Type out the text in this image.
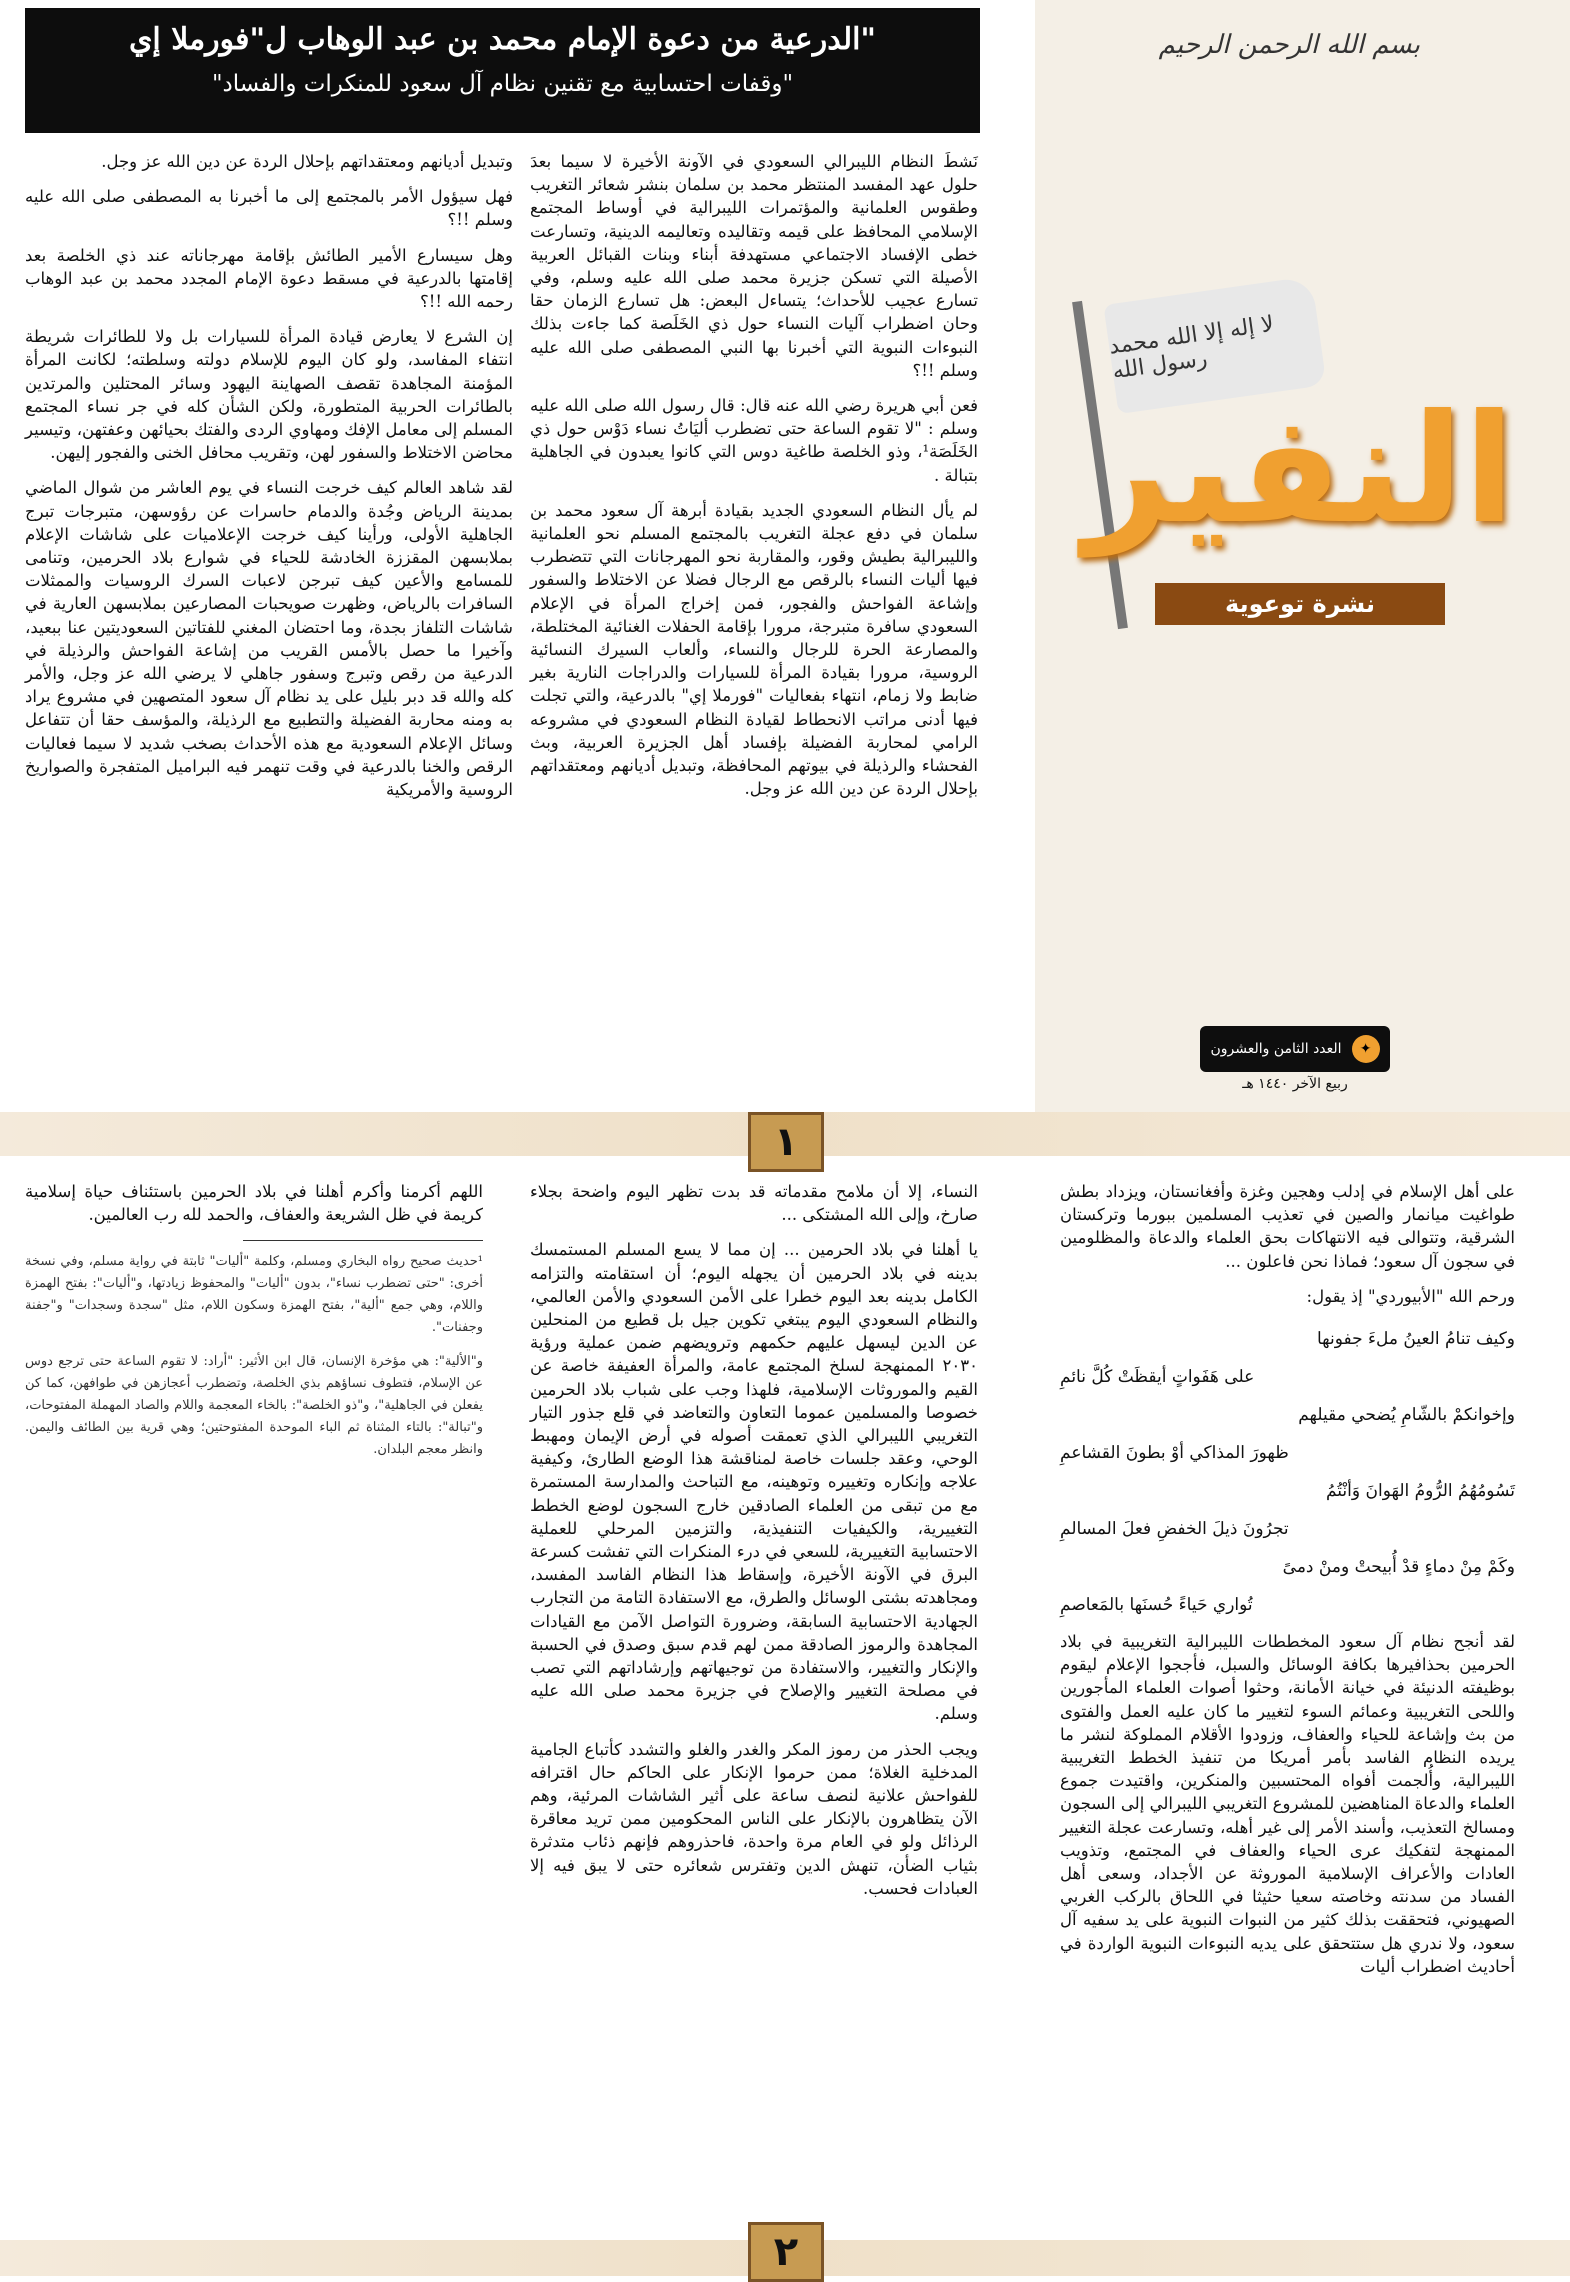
بسم الله الرحمن الرحيم
لا إله إلا الله محمد رسول الله
النفير
نشرة توعوية
العدد الثامن والعشرون	✦
ربيع الآخر ١٤٤٠ هـ
الدرعية من دعوة الإمام محمد بن عبد الوهاب ل"فورملا إي"
"وقفات احتسابية مع تقنين نظام آل سعود للمنكرات والفساد"

نَشطَ النظام الليبرالي السعودي في الآونة الأخيرة لا سيما بعدَ حلول عهد المفسد المنتظر محمد بن سلمان بنشر شعائر التغريب وطقوس العلمانية والمؤتمرات الليبرالية في أوساط المجتمع الإسلامي المحافظ على قيمه وتقاليده وتعاليمه الدينية، وتسارعت خطى الإفساد الاجتماعي مستهدفة أبناء وبنات القبائل العربية الأصيلة التي تسكن جزيرة محمد صلى الله عليه وسلم، وفي تسارع عجيب للأحداث؛ يتساءل البعض: هل تسارع الزمان حقا وحان اضطراب آليات النساء حول ذي الخَلَصة كما جاءت بذلك النبوءات النبوية التي أخبرنا بها النبي المصطفى صلى الله عليه وسلم !!؟

فعن أبي هريرة رضي الله عنه قال: قال رسول الله صلى الله عليه وسلم : "لا تقوم الساعة حتى تضطرب أليَاتُ نساء دَوْس حول ذي الخَلَصَة¹، وذو الخلصة طاغية دوس التي كانوا يعبدون في الجاهلية بتبالة .

لم يأل النظام السعودي الجديد بقيادة أبرهة آل سعود محمد بن سلمان في دفع عجلة التغريب بالمجتمع المسلم نحو العلمانية والليبرالية بطيش وقور، والمقاربة نحو المهرجانات التي تتضطرب فيها أليات النساء بالرقص مع الرجال فضلا عن الاختلاط والسفور وإشاعة الفواحش والفجور، فمن إخراج المرأة في الإعلام السعودي سافرة متبرجة، مرورا بإقامة الحفلات الغنائية المختلطة، والمصارعة الحرة للرجال والنساء، وألعاب السيرك النسائية الروسية، مرورا بقيادة المرأة للسيارات والدراجات النارية بغير ضابط ولا زمام، انتهاء بفعاليات "فورملا إي" بالدرعية، والتي تجلت فيها أدنى مراتب الانحطاط لقيادة النظام السعودي في مشروعه الرامي لمحاربة الفضيلة بإفساد أهل الجزيرة العربية، وبث الفحشاء والرذيلة في بيوتهم المحافظة، وتبديل أديانهم ومعتقداتهم بإحلال الردة عن دين الله عز وجل.

وتبديل أديانهم ومعتقداتهم بإحلال الردة عن دين الله عز وجل.

فهل سيؤول الأمر بالمجتمع إلى ما أخبرنا به المصطفى صلى الله عليه وسلم !!؟

وهل سيسارع الأمير الطائش بإقامة مهرجاناته عند ذي الخلصة بعد إقامتها بالدرعية في مسقط دعوة الإمام المجدد محمد بن عبد الوهاب رحمه الله !!؟

إن الشرع لا يعارض قيادة المرأة للسيارات بل ولا للطائرات شريطة انتفاء المفاسد، ولو كان اليوم للإسلام دولته وسلطته؛ لكانت المرأة المؤمنة المجاهدة تقصف الصهاينة اليهود وسائر المحتلين والمرتدين بالطائرات الحربية المتطورة، ولكن الشأن كله في جر نساء المجتمع المسلم إلى معامل الإفك ومهاوي الردى والفتك بحيائهن وعفتهن، وتيسير محاضن الاختلاط والسفور لهن، وتقريب محافل الخنى والفجور إليهن.

لقد شاهد العالم كيف خرجت النساء في يوم العاشر من شوال الماضي بمدينة الرياض وجُدة والدمام حاسرات عن رؤوسهن، متبرجات تبرج الجاهلية الأولى، ورأينا كيف خرجت الإعلاميات على شاشات الإعلام بملابسهن المقززة الخادشة للحياء في شوارع بلاد الحرمين، وتنامى للمسامع والأعين كيف تبرجن لاعبات السرك الروسيات والممثلات السافرات بالرياض، وظهرت صويحبات المصارعين بملابسهن العارية في شاشات التلفاز بجدة، وما احتضان المغني للفتاتين السعوديتين عنا ببعيد، وآخيرا ما حصل بالأمس القريب من إشاعة الفواحش والرذيلة في الدرعية من رقص وتبرج وسفور جاهلي لا يرضي الله عز وجل، والأمر كله والله قد دبر بليل على يد نظام آل سعود المتصهين في مشروع يراد به ومنه محاربة الفضيلة والتطبيع مع الرذيلة، والمؤسف حقا أن تتفاعل وسائل الإعلام السعودية مع هذه الأحداث بصخب شديد لا سيما فعاليات الرقص والخنا بالدرعية في وقت تنهمر فيه البراميل المتفجرة والصواريخ الروسية والأمريكية

١

على أهل الإسلام في إدلب وهجين وغزة وأفغانستان، ويزداد بطش طواغيت ميانمار والصين في تعذيب المسلمين ببورما وتركستان الشرقية، وتتوالى فيه الانتهاكات بحق العلماء والدعاة والمظلومين في سجون آل سعود؛ فماذا نحن فاعلون ...

ورحم الله "الأبيوردي" إذ يقول:

وكيف تنامُ العينُ ملءَ جفونها
على هَفَواتٍ أيقظَتْ كُلَّ نائمِ
وإخوانكمْ بالشّامِ يُضحي مقيلهم
ظهورَ المذاكي أوْ بطونَ القشاعمِ
تَسُومُهُمُ الرُّومُ الهَوانَ وَأنْتُمُ
تجرُونَ ذيلَ الخفضِ فعلَ المسالمِ
وكَمْ مِنْ دماءٍ قدْ أُبيحتْ ومنْ دمىً
تُواري حَياءً حُسنَها بالمَعاصمِ

لقد أنجح نظام آل سعود المخططات الليبرالية التغريبية في بلاد الحرمين بحذافيرها بكافة الوسائل والسبل، فأججوا الإعلام ليقوم بوظيفته الدنيئة في خيانة الأمانة، وحثوا أصوات العلماء المأجورين واللحى التغريبية وعمائم السوء لتغيير ما كان عليه العمل والفتوى من بث وإشاعة للحياء والعفاف، وزودوا الأقلام المملوكة لنشر ما يريده النظام الفاسد بأمر أمريكا من تنفيذ الخطط التغريبية الليبرالية، وأُلجمت أفواه المحتسبين والمنكرين، واقتيدت جموع العلماء والدعاة المناهضين للمشروع التغريبي الليبرالي إلى السجون ومسالخ التعذيب، وأسند الأمر إلى غير أهله، وتسارعت عجلة التغيير الممنهجة لتفكيك عرى الحياء والعفاف في المجتمع، وتذويب العادات والأعراف الإسلامية الموروثة عن الأجداد، وسعى أهل الفساد من سدنته وخاصته سعيا حثيثا في اللحاق بالركب الغربي الصهيوني، فتحققت بذلك كثير من النبوات النبوية على يد سفيه آل سعود، ولا ندري هل ستتحقق على يديه النبوءات النبوية الواردة في أحاديث اضطراب أليات

النساء، إلا أن ملامح مقدماته قد بدت تظهر اليوم واضحة بجلاء صارخ، وإلى الله المشتكى ...

يا أهلنا في بلاد الحرمين ... إن مما لا يسع المسلم المستمسك بدينه في بلاد الحرمين أن يجهله اليوم؛ أن استقامته والتزامه الكامل بدينه بعد اليوم خطرا على الأمن السعودي والأمن العالمي، والنظام السعودي اليوم يبتغي تكوين جيل بل قطيع من المنحلين عن الدين ليسهل عليهم حكمهم وترويضهم ضمن عملية ورؤية ٢٠٣٠ الممنهجة لسلخ المجتمع عامة، والمرأة العفيفة خاصة عن القيم والموروثات الإسلامية، فلهذا وجب على شباب بلاد الحرمين خصوصا والمسلمين عموما التعاون والتعاضد في قلع جذور التيار التغريبي الليبرالي الذي تعمقت أصوله في أرض الإيمان ومهبط الوحي، وعقد جلسات خاصة لمناقشة هذا الوضع الطارئ، وكيفية علاجه وإنكاره وتغييره وتوهينه، مع التباحث والمدارسة المستمرة مع من تبقى من العلماء الصادقين خارج السجون لوضع الخطط التغييرية، والكيفيات التنفيذية، والتزمين المرحلي للعملية الاحتسابية التغييرية، للسعي في درء المنكرات التي تفشت كسرعة البرق في الآونة الأخيرة، وإسقاط هذا النظام الفاسد المفسد، ومجاهدته بشتى الوسائل والطرق، مع الاستفادة التامة من التجارب الجهادية الاحتسابية السابقة، وضرورة التواصل الآمن مع القيادات المجاهدة والرموز الصادقة ممن لهم قدم سبق وصدق في الحسبة والإنكار والتغيير، والاستفادة من توجيهاتهم وإرشاداتهم التي تصب في مصلحة التغيير والإصلاح في جزيرة محمد صلى الله عليه وسلم.

ويجب الحذر من رموز المكر والغدر والغلو والتشدد كأتباع الجامية المدخلية الغلاة؛ ممن حرموا الإنكار على الحاكم حال اقترافه للفواحش علانية لنصف ساعة على أثير الشاشات المرئية، وهم الآن يتظاهرون بالإنكار على الناس المحكومين ممن تريد معاقرة الرذائل ولو في العام مرة واحدة، فاحذروهم فإنهم ذئاب متدثرة بثياب الضأن، تنهش الدين وتفترس شعائره حتى لا يبق فيه إلا العبادات فحسب.

اللهم أكرمنا وأكرم أهلنا في بلاد الحرمين باستئناف حياة إسلامية كريمة في ظل الشريعة والعفاف، والحمد لله رب العالمين.

¹حديث صحيح رواه البخاري ومسلم، وكلمة "أليات" ثابتة في رواية مسلم، وفي نسخة أخرى: "حتى تضطرب نساء"، بدون "أليات" والمحفوظ زيادتها، و"أليات": بفتح الهمزة واللام، وهي جمع "ألية"، بفتح الهمزة وسكون اللام، مثل "سجدة وسجدات" و"جفنة وجفنات".

و"الألية": هي مؤخرة الإنسان، قال ابن الأثير: "أراد: لا تقوم الساعة حتى ترجع دوس عن الإسلام، فتطوف نساؤهم بذي الخلصة، وتضطرب أعجازهن في طوافهن، كما كن يفعلن في الجاهلية"، و"ذو الخلصة": بالخاء المعجمة واللام والصاد المهملة المفتوحات، و"تبالة": بالتاء المثناة ثم الباء الموحدة المفتوحتين؛ وهي قرية بين الطائف واليمن. وانظر معجم البلدان.

٢
